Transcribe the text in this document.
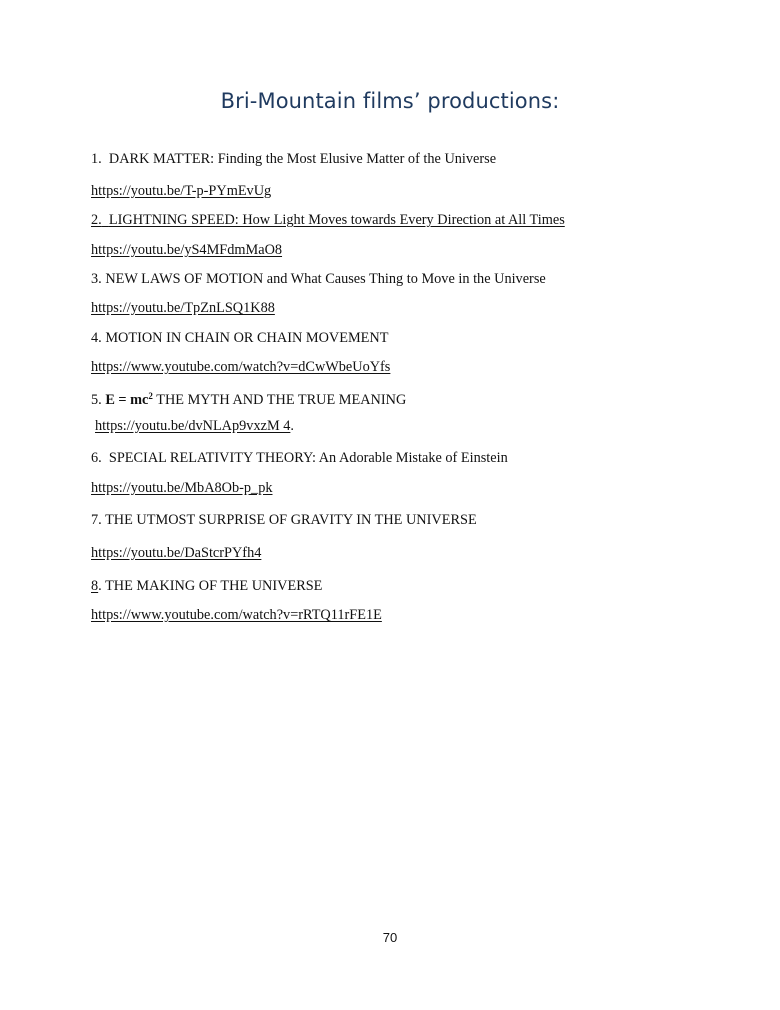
Bri-Mountain films’ productions:
1. DARK MATTER: Finding the Most Elusive Matter of the Universe
https://youtu.be/T-p-PYmEvUg
2. LIGHTNING SPEED: How Light Moves towards Every Direction at All Times
https://youtu.be/yS4MFdmMaO8
3. NEW LAWS OF MOTION and What Causes Thing to Move in the Universe
https://youtu.be/TpZnLSQ1K88
4. MOTION IN CHAIN OR CHAIN MOVEMENT
https://www.youtube.com/watch?v=dCwWbeUoYfs
5. $E = mc^2$ THE MYTH AND THE TRUE MEANING
https://youtu.be/dvNLAp9vxzM 4.
6. SPECIAL RELATIVITY THEORY: An Adorable Mistake of Einstein
https://youtu.be/MbA8Ob-p_pk
7. THE UTMOST SURPRISE OF GRAVITY IN THE UNIVERSE
https://youtu.be/DaStcrPYfh4
8. THE MAKING OF THE UNIVERSE
https://www.youtube.com/watch?v=rRTQ11rFE1E
70
